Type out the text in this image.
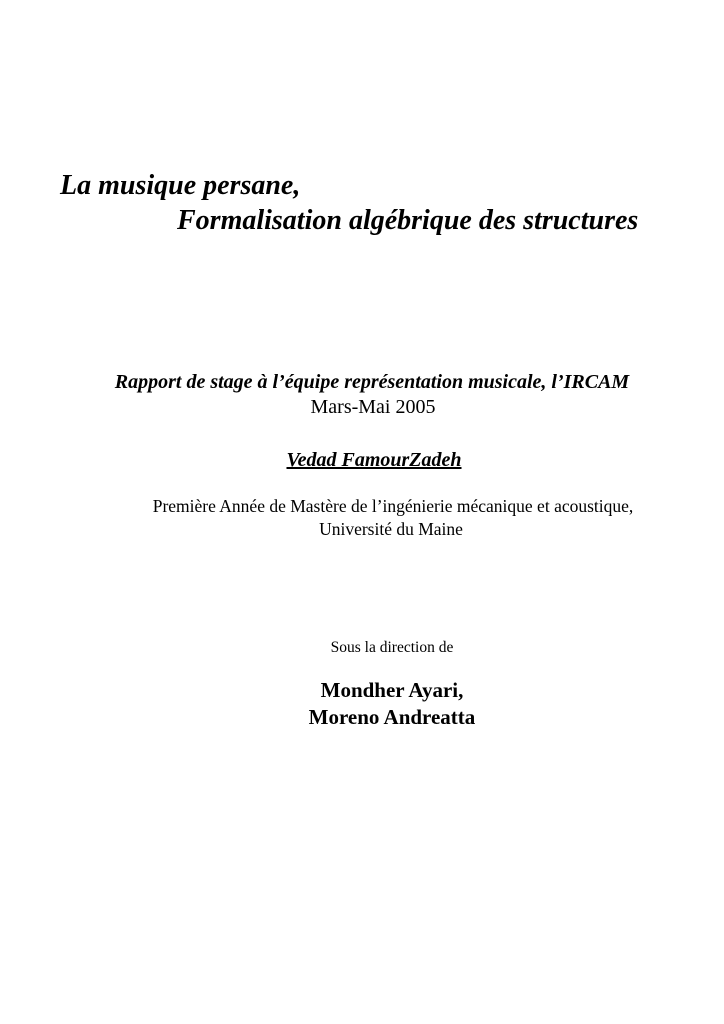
La musique persane,
Formalisation algébrique des structures
Rapport de stage à l’équipe représentation musicale, l’IRCAM
Mars-Mai 2005
Vedad FamourZadeh
Première Année de Mastère de l’ingénierie mécanique et acoustique,
Université du Maine
Sous la direction de
Mondher Ayari,
Moreno Andreatta
